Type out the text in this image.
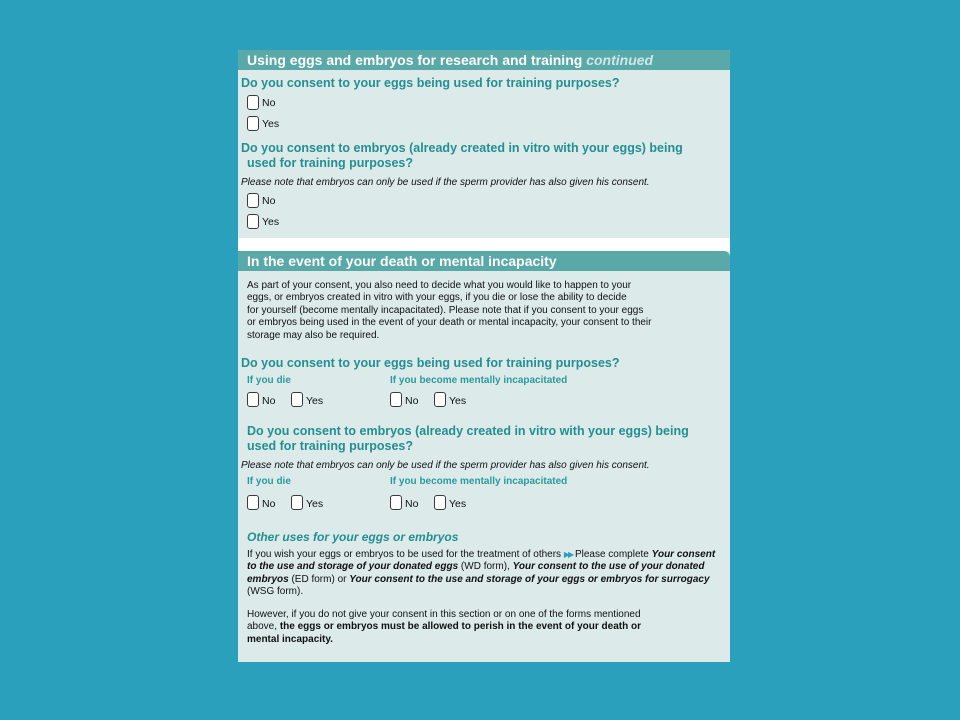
Using eggs and embryos for research and training continued
Do you consent to your eggs being used for training purposes?
No
Yes
Do you consent to embryos (already created in vitro with your eggs) being
used for training purposes?
Please note that embryos can only be used if the sperm provider has also given his consent.
No
Yes
In the event of your death or mental incapacity
As part of your consent, you also need to decide what you would like to happen to your
eggs, or embryos created in vitro with your eggs, if you die or lose the ability to decide
for yourself (become mentally incapacitated). Please note that if you consent to your eggs
or embryos being used in the event of your death or mental incapacity, your consent to their
storage may also be required.
Do you consent to your eggs being used for training purposes?
If you die	If you become mentally incapacitated
No	Yes	No	Yes
Do you consent to embryos (already created in vitro with your eggs) being
used for training purposes?
Please note that embryos can only be used if the sperm provider has also given his consent.
If you die	If you become mentally incapacitated
No	Yes	No	Yes
Other uses for your eggs or embryos
If you wish your eggs or embryos to be used for the treatment of others ▶▶ Please complete Your consent to the use and storage of your donated eggs (WD form), Your consent to the use of your donated embryos (ED form) or Your consent to the use and storage of your eggs or embryos for surrogacy (WSG form).
However, if you do not give your consent in this section or on one of the forms mentioned
above, the eggs or embryos must be allowed to perish in the event of your death or
mental incapacity.
